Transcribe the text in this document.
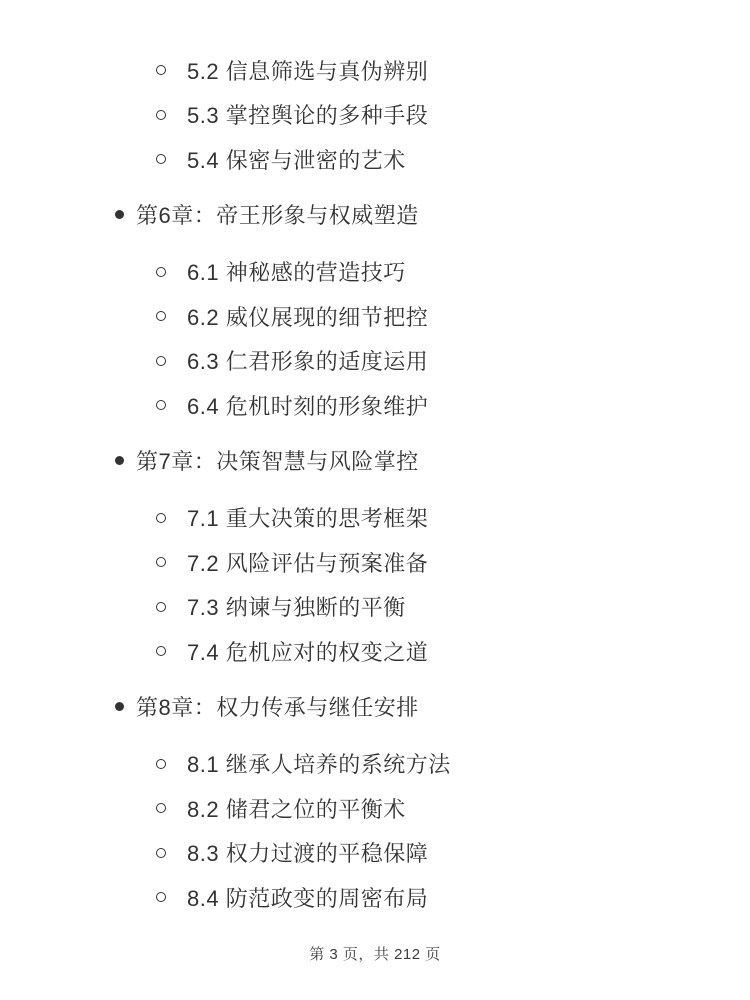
5.2 信息筛选与真伪辨别
5.3 掌控舆论的多种手段
5.4 保密与泄密的艺术
第6章：帝王形象与权威塑造
6.1 神秘感的营造技巧
6.2 威仪展现的细节把控
6.3 仁君形象的适度运用
6.4 危机时刻的形象维护
第7章：决策智慧与风险掌控
7.1 重大决策的思考框架
7.2 风险评估与预案准备
7.3 纳谏与独断的平衡
7.4 危机应对的权变之道
第8章：权力传承与继任安排
8.1 继承人培养的系统方法
8.2 储君之位的平衡术
8.3 权力过渡的平稳保障
8.4 防范政变的周密布局
第 3 页，共 212 页
